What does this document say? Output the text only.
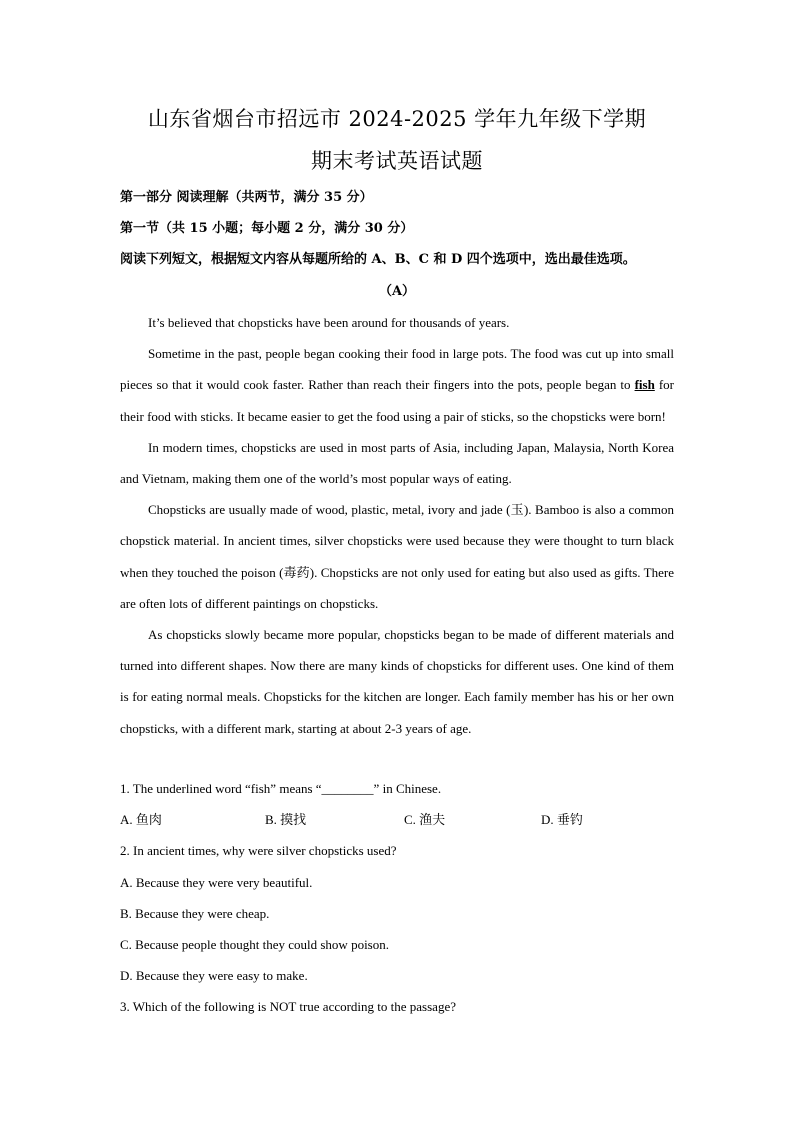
山东省烟台市招远市 2024-2025 学年九年级下学期
期末考试英语试题
第一部分 阅读理解（共两节，满分 35 分）
第一节（共 15 小题；每小题 2 分，满分 30 分）
阅读下列短文，根据短文内容从每题所给的 A、B、C 和 D 四个选项中，选出最佳选项。
（A）

It’s believed that chopsticks have been around for thousands of years.

Sometime in the past, people began cooking their food in large pots. The food was cut up into small pieces so that it would cook faster. Rather than reach their fingers into the pots, people began to fish for their food with sticks. It became easier to get the food using a pair of sticks, so the chopsticks were born!

In modern times, chopsticks are used in most parts of Asia, including Japan, Malaysia, North Korea and Vietnam, making them one of the world’s most popular ways of eating.

Chopsticks are usually made of wood, plastic, metal, ivory and jade (玉). Bamboo is also a common chopstick material. In ancient times, silver chopsticks were used because they were thought to turn black when they touched the poison (毒药). Chopsticks are not only used for eating but also used as gifts. There are often lots of different paintings on chopsticks.

As chopsticks slowly became more popular, chopsticks began to be made of different materials and turned into different shapes. Now there are many kinds of chopsticks for different uses. One kind of them is for eating normal meals. Chopsticks for the kitchen are longer. Each family member has his or her own chopsticks, with a different mark, starting at about 2-3 years of age.

1. The underlined word “fish” means “________” in Chinese.
A. 鱼肉	B. 摸找	C. 渔夫	D. 垂钓
2. In ancient times, why were silver chopsticks used?
A. Because they were very beautiful.
B. Because they were cheap.
C. Because people thought they could show poison.
D. Because they were easy to make.
3. Which of the following is NOT true according to the passage?
